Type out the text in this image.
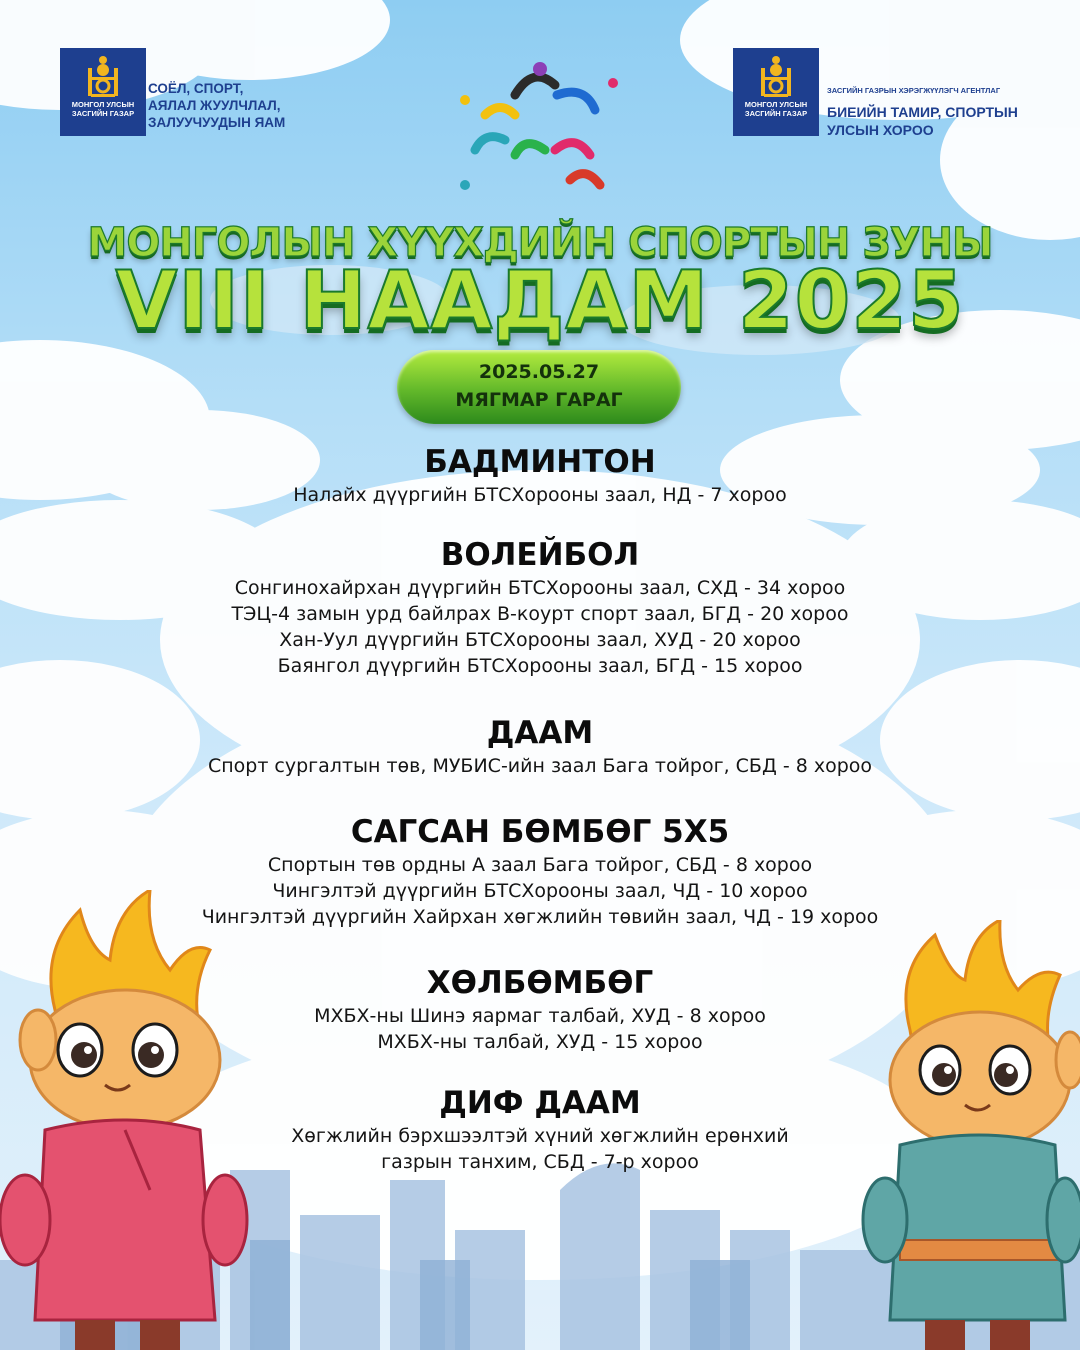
МОНГОЛ УЛСЫН
ЗАСГИЙН ГАЗАР
СОЁЛ, СПОРТ,
АЯЛАЛ ЖУУЛЧЛАЛ,
ЗАЛУУЧУУДЫН ЯАМ
МОНГОЛ УЛСЫН
ЗАСГИЙН ГАЗАР
ЗАСГИЙН ГАЗРЫН ХЭРЭГЖҮҮЛЭГЧ АГЕНТЛАГ
БИЕИЙН ТАМИР, СПОРТЫН
УЛСЫН ХОРОО
МОНГОЛЫН ХҮҮХДИЙН СПОРТЫН ЗУНЫ
VIII НААДАМ 2025
2025.05.27
МЯГМАР ГАРАГ
БАДМИНТОН
Налайх дүүргийн БТСХорооны заал, НД - 7 хороо
ВОЛЕЙБОЛ
Сонгинохайрхан дүүргийн БТСХорооны заал, СХД - 34 хороо
ТЭЦ-4 замын урд байлрах В-коурт спорт заал, БГД - 20 хороо
Хан-Уул дүүргийн БТСХорооны заал, ХУД - 20 хороо
Баянгол дүүргийн БТСХорооны заал, БГД - 15 хороо
ДААМ
Спорт сургалтын төв, МУБИС-ийн заал Бага тойрог, СБД - 8 хороо
САГСАН БӨМБӨГ 5Х5
Спортын төв ордны А заал Бага тойрог, СБД - 8 хороо
Чингэлтэй дүүргийн БТСХорооны заал, ЧД - 10 хороо
Чингэлтэй дүүргийн Хайрхан хөгжлийн төвийн заал, ЧД - 19 хороо
ХӨЛБӨМБӨГ
МХБХ-ны Шинэ яармаг талбай, ХУД - 8 хороо
МХБХ-ны талбай, ХУД - 15 хороо
ДИФ ДААМ
Хөгжлийн бэрхшээлтэй хүний хөгжлийн ерөнхий
газрын танхим, СБД - 7-р хороо
